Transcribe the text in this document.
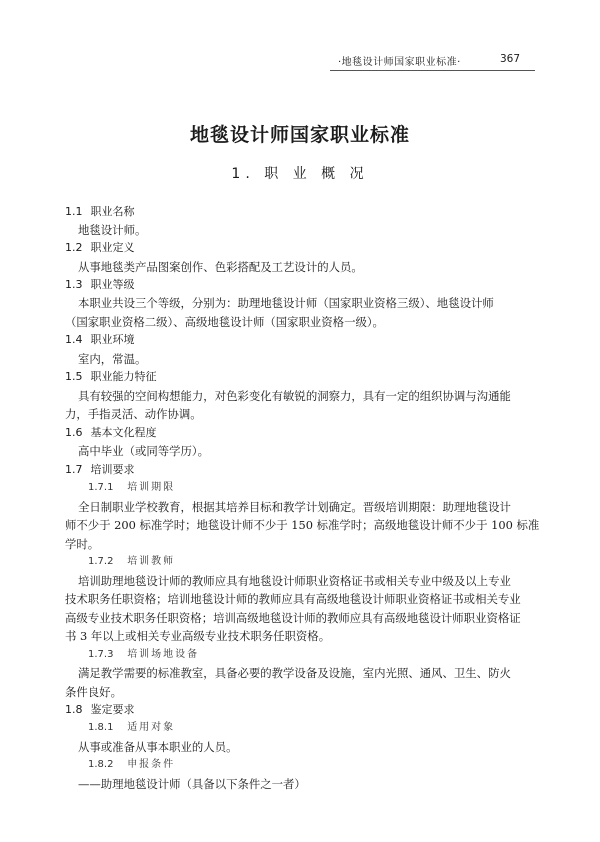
·地毯设计师国家职业标准·	367
地毯设计师国家职业标准
1. 职 业 概 况
1.1 职业名称
地毯设计师。
1.2 职业定义
从事地毯类产品图案创作、色彩搭配及工艺设计的人员。
1.3 职业等级
本职业共设三个等级，分别为：助理地毯设计师（国家职业资格三级）、地毯设计师
（国家职业资格二级）、高级地毯设计师（国家职业资格一级）。
1.4 职业环境
室内，常温。
1.5 职业能力特征
具有较强的空间构想能力，对色彩变化有敏锐的洞察力，具有一定的组织协调与沟通能
力，手指灵活、动作协调。
1.6 基本文化程度
高中毕业（或同等学历）。
1.7 培训要求
1.7.1 培训期限
全日制职业学校教育，根据其培养目标和教学计划确定。晋级培训期限：助理地毯设计
师不少于 200 标准学时；地毯设计师不少于 150 标准学时；高级地毯设计师不少于 100 标准
学时。
1.7.2 培训教师
培训助理地毯设计师的教师应具有地毯设计师职业资格证书或相关专业中级及以上专业
技术职务任职资格；培训地毯设计师的教师应具有高级地毯设计师职业资格证书或相关专业
高级专业技术职务任职资格；培训高级地毯设计师的教师应具有高级地毯设计师职业资格证
书 3 年以上或相关专业高级专业技术职务任职资格。
1.7.3 培训场地设备
满足教学需要的标准教室，具备必要的教学设备及设施，室内光照、通风、卫生、防火
条件良好。
1.8 鉴定要求
1.8.1 适用对象
从事或准备从事本职业的人员。
1.8.2 申报条件
——助理地毯设计师（具备以下条件之一者）
